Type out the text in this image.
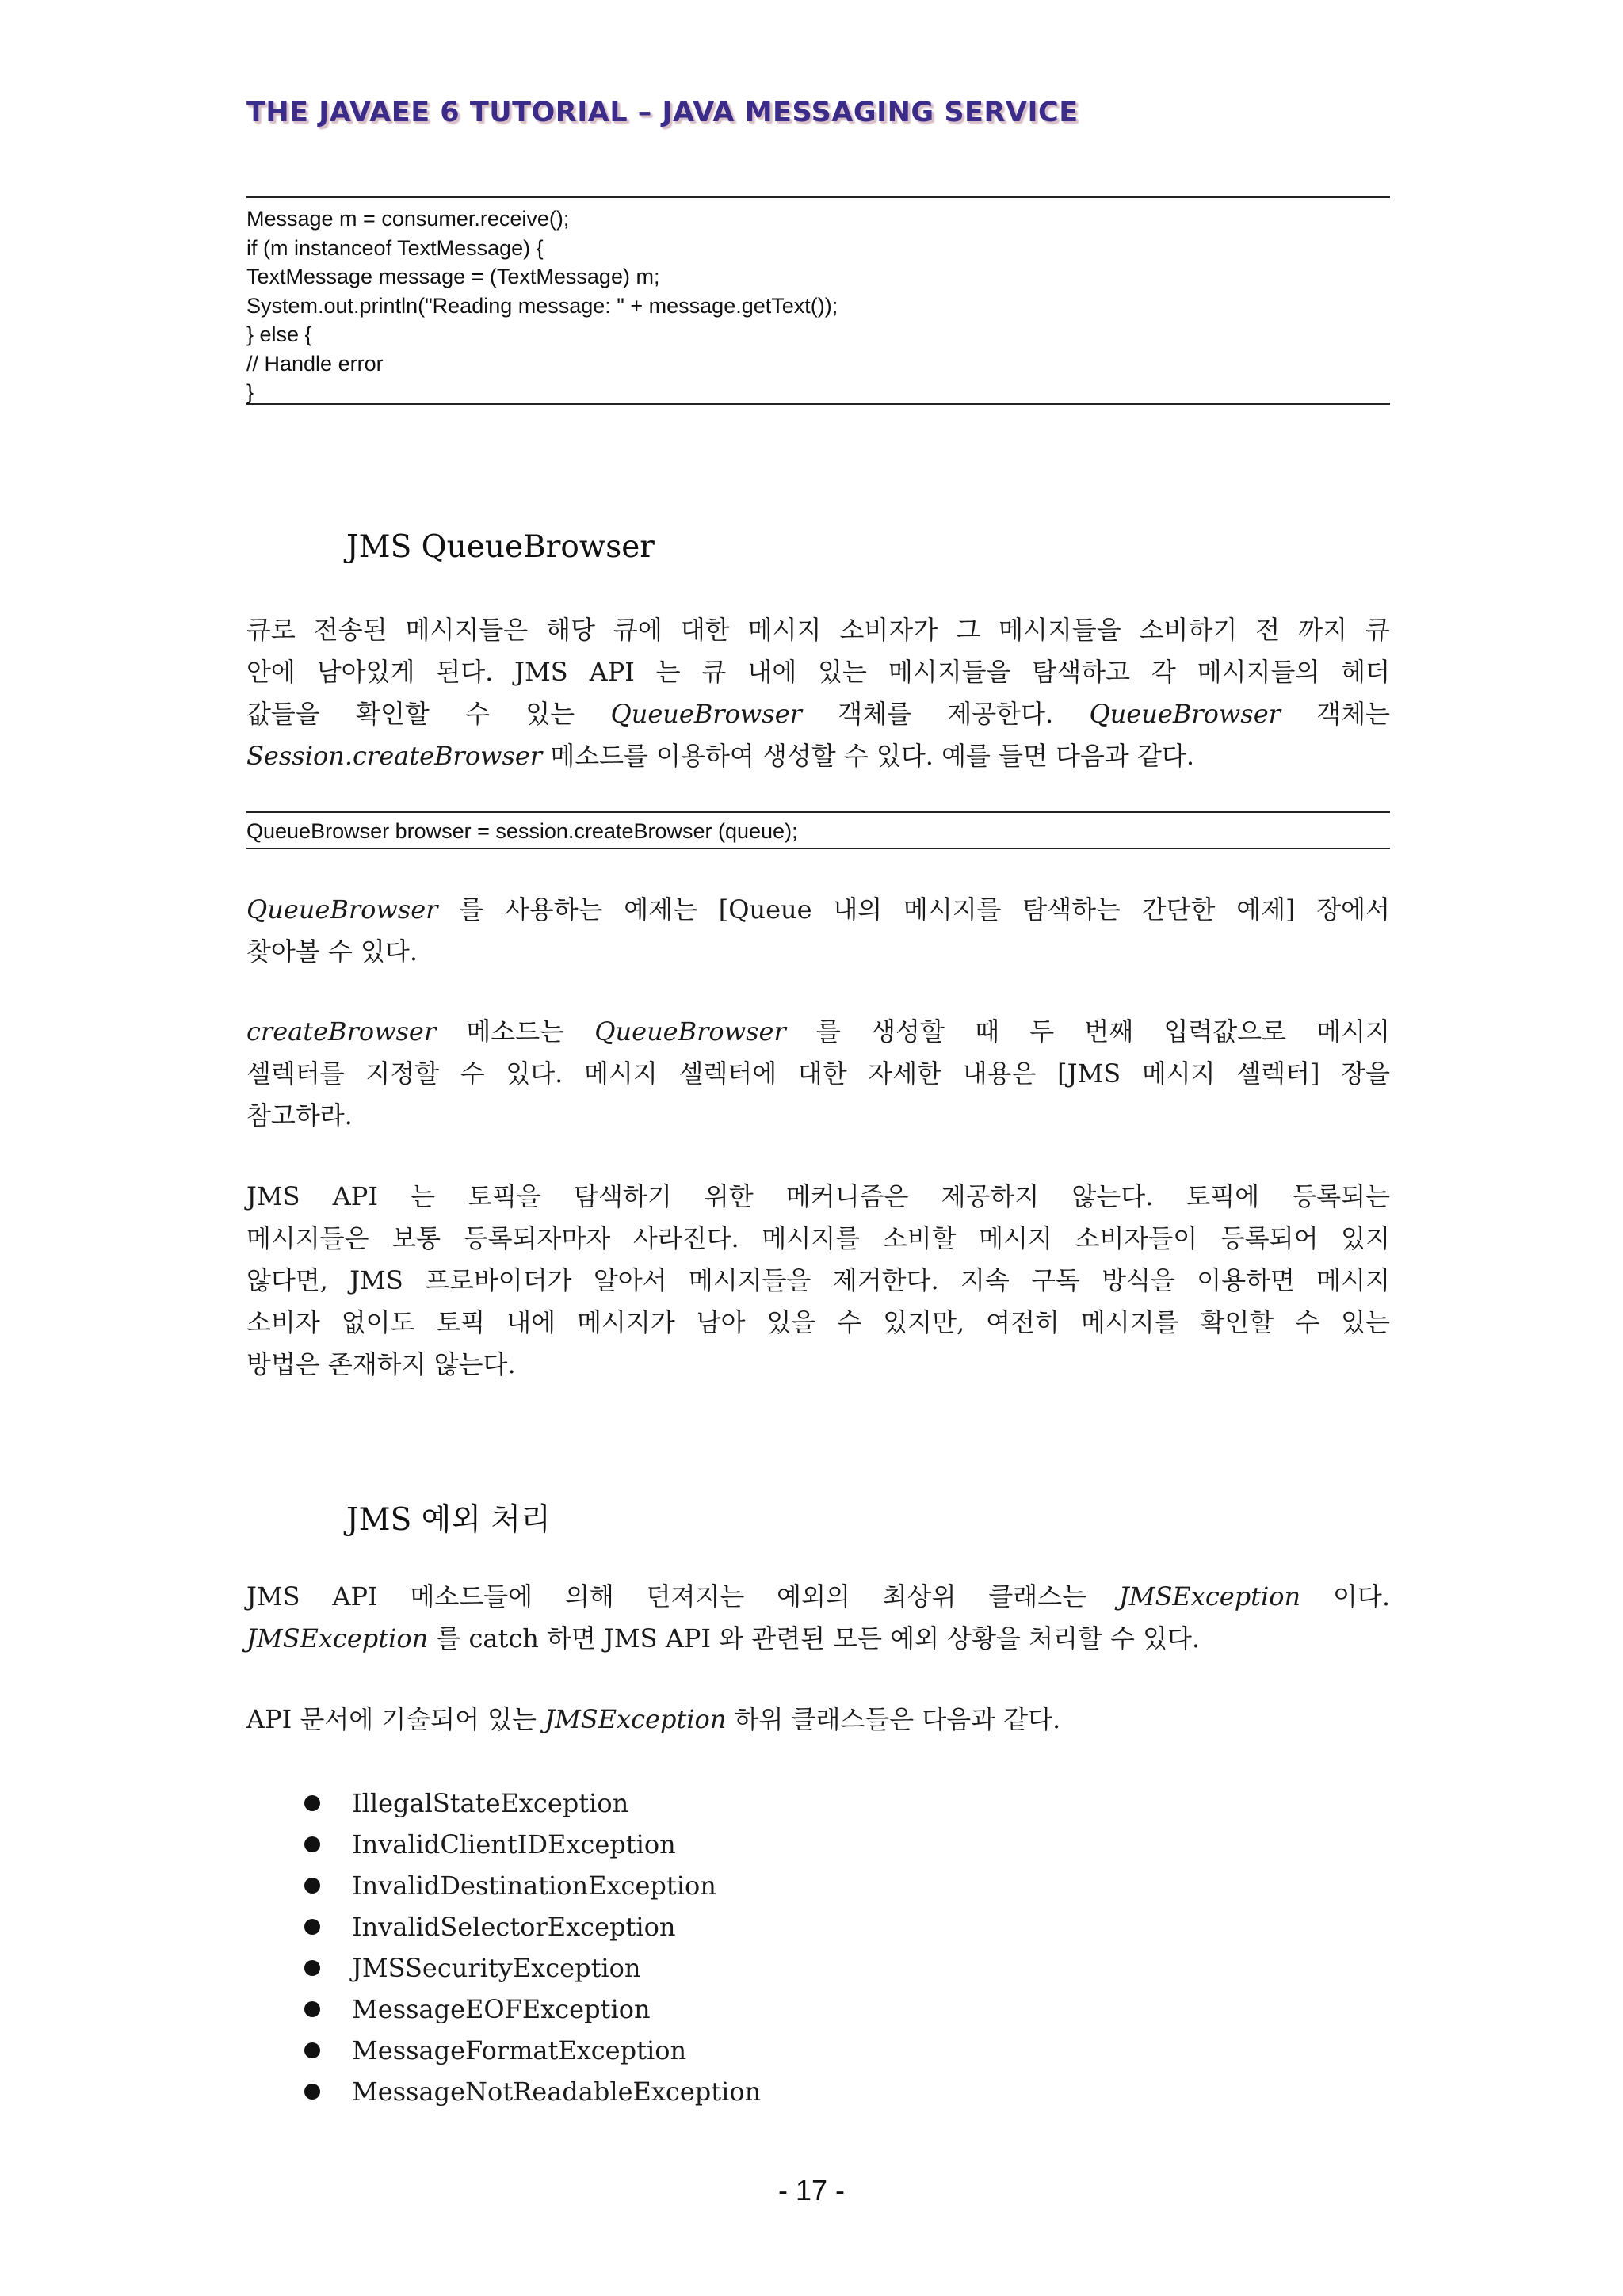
THE JAVAEE 6 TUTORIAL – JAVA MESSAGING SERVICE
Message m = consumer.receive();
if (m instanceof TextMessage) {
TextMessage message = (TextMessage) m;
System.out.println("Reading message: " + message.getText());
} else {
// Handle error
}
JMS QueueBrowser
큐로 전송된 메시지들은 해당 큐에 대한 메시지 소비자가 그 메시지들을 소비하기 전 까지 큐
안에 남아있게 된다. JMS API 는 큐 내에 있는 메시지들을 탐색하고 각 메시지들의 헤더
값들을 확인할 수 있는 QueueBrowser 객체를 제공한다. QueueBrowser 객체는
Session.createBrowser 메소드를 이용하여 생성할 수 있다. 예를 들면 다음과 같다.
QueueBrowser browser = session.createBrowser (queue);
QueueBrowser 를 사용하는 예제는 [Queue 내의 메시지를 탐색하는 간단한 예제] 장에서
찾아볼 수 있다.
createBrowser 메소드는 QueueBrowser 를 생성할 때 두 번째 입력값으로 메시지
셀렉터를 지정할 수 있다. 메시지 셀렉터에 대한 자세한 내용은 [JMS 메시지 셀렉터] 장을
참고하라.
JMS API 는 토픽을 탐색하기 위한 메커니즘은 제공하지 않는다. 토픽에 등록되는
메시지들은 보통 등록되자마자 사라진다. 메시지를 소비할 메시지 소비자들이 등록되어 있지
않다면, JMS 프로바이더가 알아서 메시지들을 제거한다. 지속 구독 방식을 이용하면 메시지
소비자 없이도 토픽 내에 메시지가 남아 있을 수 있지만, 여전히 메시지를 확인할 수 있는
방법은 존재하지 않는다.
JMS 예외 처리
JMS API 메소드들에 의해 던져지는 예외의 최상위 클래스는 JMSException 이다.
JMSException 를 catch 하면 JMS API 와 관련된 모든 예외 상황을 처리할 수 있다.
API 문서에 기술되어 있는 JMSException 하위 클래스들은 다음과 같다.
IllegalStateException
InvalidClientIDException
InvalidDestinationException
InvalidSelectorException
JMSSecurityException
MessageEOFException
MessageFormatException
MessageNotReadableException
- 17 -
